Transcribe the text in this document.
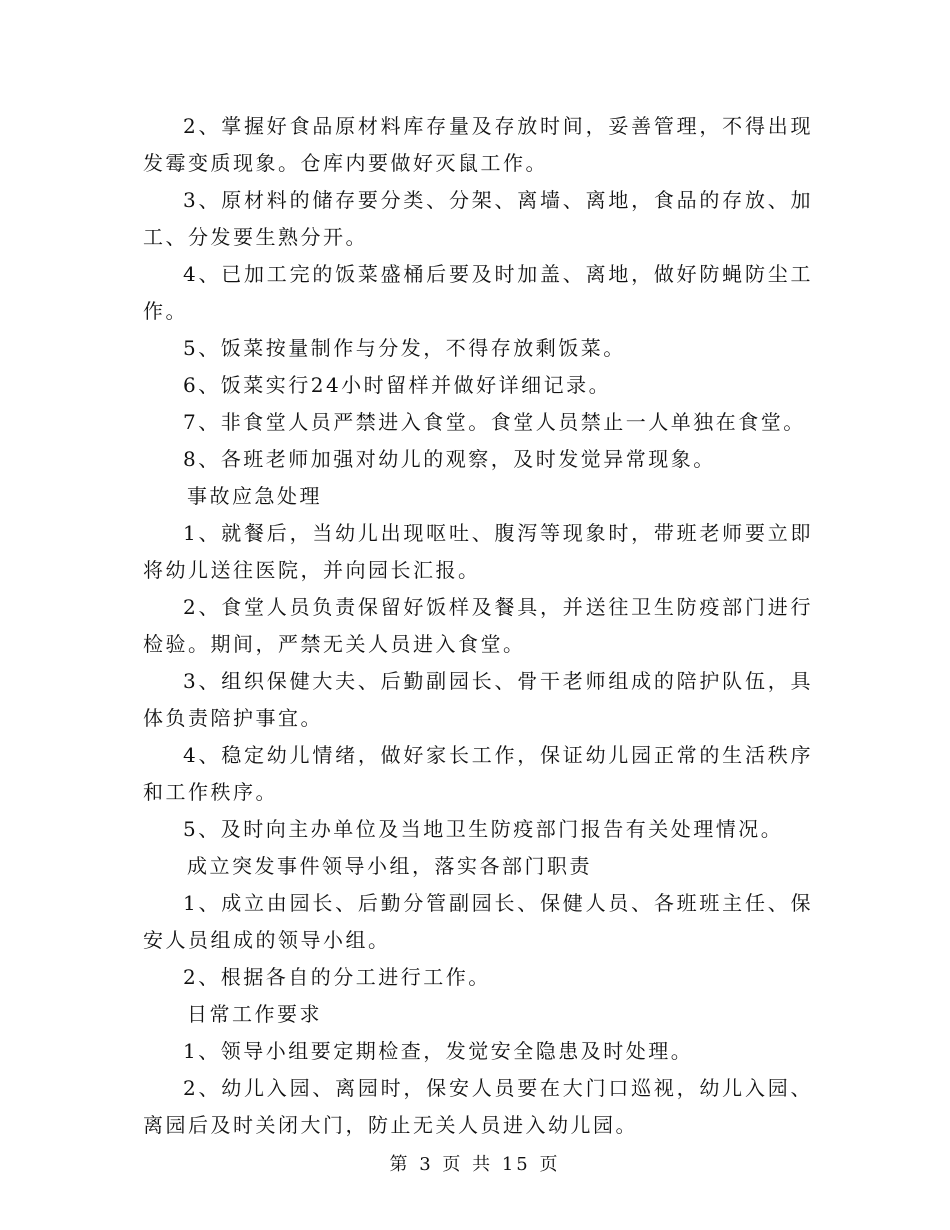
2、掌握好食品原材料库存量及存放时间，妥善管理，不得出现发霉变质现象。仓库内要做好灭鼠工作。

3、原材料的储存要分类、分架、离墙、离地，食品的存放、加工、分发要生熟分开。

4、已加工完的饭菜盛桶后要及时加盖、离地，做好防蝇防尘工作。

5、饭菜按量制作与分发，不得存放剩饭菜。

6、饭菜实行24小时留样并做好详细记录。

7、非食堂人员严禁进入食堂。食堂人员禁止一人单独在食堂。

8、各班老师加强对幼儿的观察，及时发觉异常现象。

事故应急处理

1、就餐后，当幼儿出现呕吐、腹泻等现象时，带班老师要立即将幼儿送往医院，并向园长汇报。

2、食堂人员负责保留好饭样及餐具，并送往卫生防疫部门进行检验。期间，严禁无关人员进入食堂。

3、组织保健大夫、后勤副园长、骨干老师组成的陪护队伍，具体负责陪护事宜。

4、稳定幼儿情绪，做好家长工作，保证幼儿园正常的生活秩序和工作秩序。

5、及时向主办单位及当地卫生防疫部门报告有关处理情况。

成立突发事件领导小组，落实各部门职责

1、成立由园长、后勤分管副园长、保健人员、各班班主任、保安人员组成的领导小组。

2、根据各自的分工进行工作。

日常工作要求

1、领导小组要定期检查，发觉安全隐患及时处理。

2、幼儿入园、离园时，保安人员要在大门口巡视，幼儿入园、离园后及时关闭大门，防止无关人员进入幼儿园。

第 3 页 共 15 页
